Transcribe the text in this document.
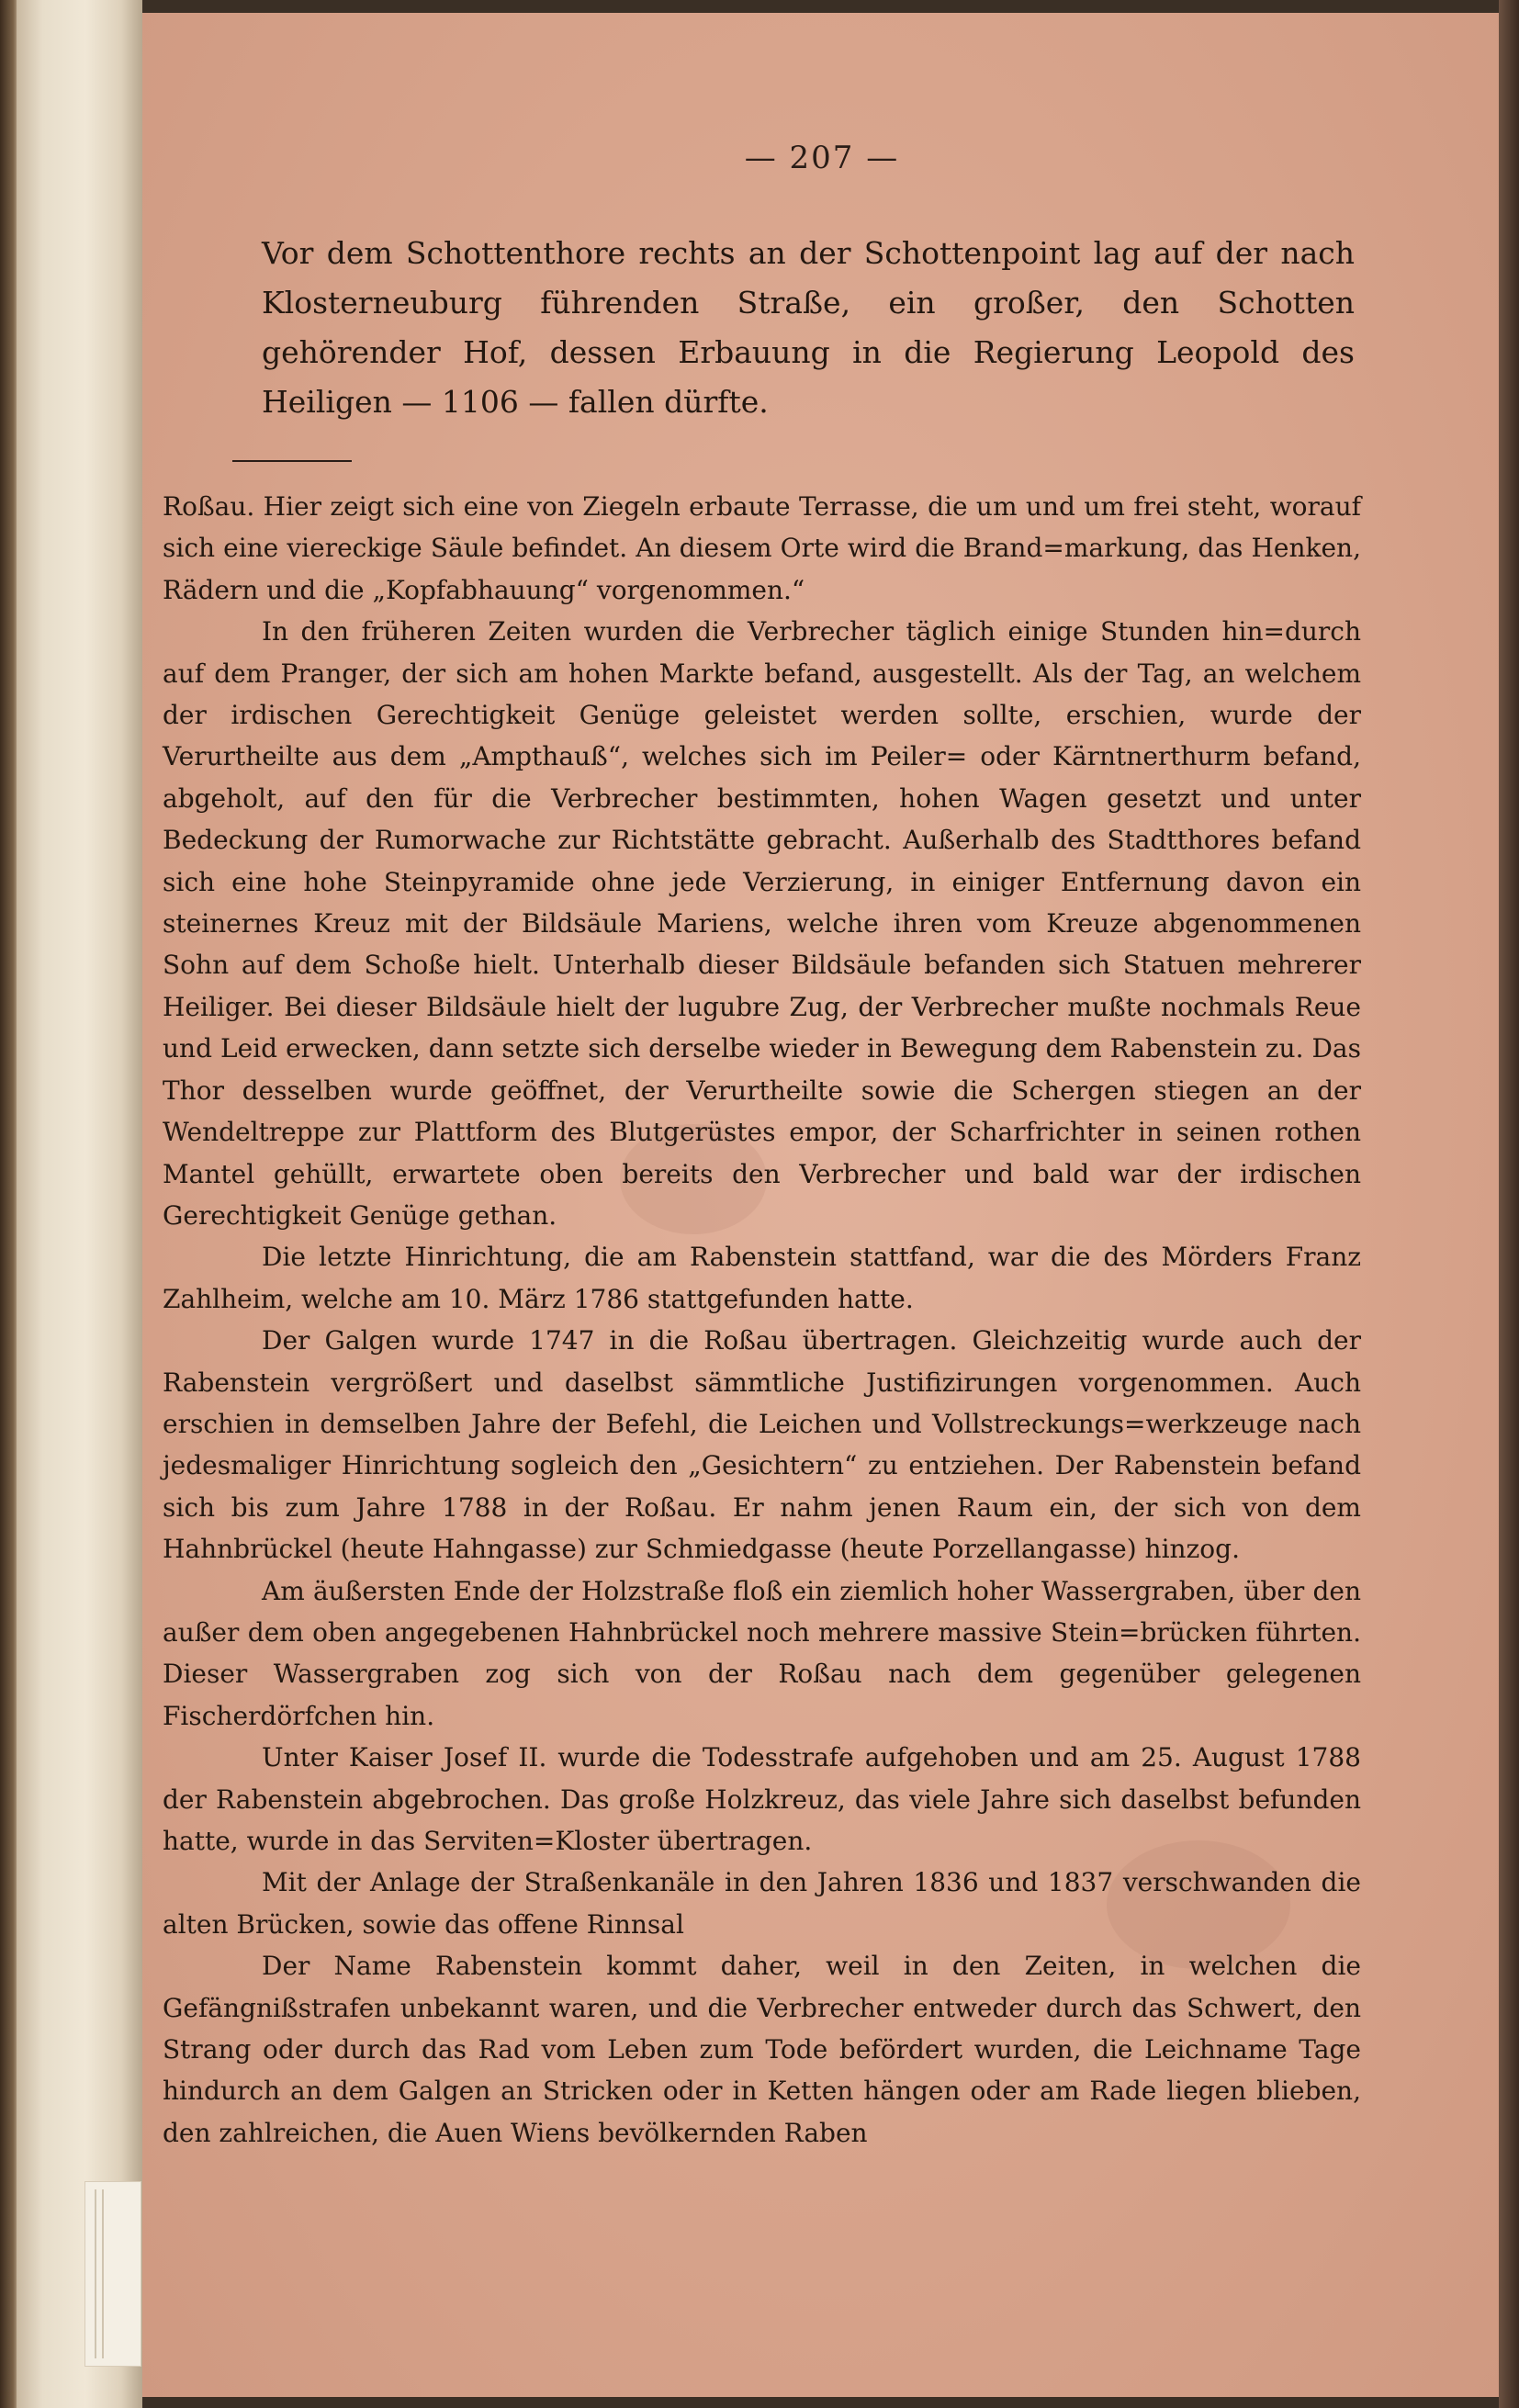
— 207 —
Vor dem Schottenthore rechts an der Schottenpoint lag auf der nach Klosterneuburg führenden Straße, ein großer, den Schotten gehörender Hof, dessen Erbauung in die Regierung Leopold des Heiligen — 1106 — fallen dürfte.

Roßau. Hier zeigt sich eine von Ziegeln erbaute Terrasse, die um und um frei steht, worauf sich eine viereckige Säule befindet. An diesem Orte wird die Brand=markung, das Henken, Rädern und die „Kopfabhauung“ vorgenommen.“

In den früheren Zeiten wurden die Verbrecher täglich einige Stunden hin=durch auf dem Pranger, der sich am hohen Markte befand, ausgestellt. Als der Tag, an welchem der irdischen Gerechtigkeit Genüge geleistet werden sollte, erschien, wurde der Verurtheilte aus dem „Ampthauß“, welches sich im Peiler= oder Kärntnerthurm befand, abgeholt, auf den für die Verbrecher bestimmten, hohen Wagen gesetzt und unter Bedeckung der Rumorwache zur Richtstätte gebracht. Außerhalb des Stadtthores befand sich eine hohe Steinpyramide ohne jede Verzierung, in einiger Entfernung davon ein steinernes Kreuz mit der Bildsäule Mariens, welche ihren vom Kreuze abgenommenen Sohn auf dem Schoße hielt. Unterhalb dieser Bildsäule befanden sich Statuen mehrerer Heiliger. Bei dieser Bildsäule hielt der lugubre Zug, der Verbrecher mußte nochmals Reue und Leid erwecken, dann setzte sich derselbe wieder in Bewegung dem Rabenstein zu. Das Thor desselben wurde geöffnet, der Verurtheilte sowie die Schergen stiegen an der Wendeltreppe zur Plattform des Blutgerüstes empor, der Scharfrichter in seinen rothen Mantel gehüllt, erwartete oben bereits den Verbrecher und bald war der irdischen Gerechtigkeit Genüge gethan.

Die letzte Hinrichtung, die am Rabenstein stattfand, war die des Mörders Franz Zahlheim, welche am 10. März 1786 stattgefunden hatte.

Der Galgen wurde 1747 in die Roßau übertragen. Gleichzeitig wurde auch der Rabenstein vergrößert und daselbst sämmtliche Justifizirungen vorgenommen. Auch erschien in demselben Jahre der Befehl, die Leichen und Vollstreckungs=werkzeuge nach jedesmaliger Hinrichtung sogleich den „Gesichtern“ zu entziehen. Der Rabenstein befand sich bis zum Jahre 1788 in der Roßau. Er nahm jenen Raum ein, der sich von dem Hahnbrückel (heute Hahngasse) zur Schmiedgasse (heute Porzellangasse) hinzog.

Am äußersten Ende der Holzstraße floß ein ziemlich hoher Wassergraben, über den außer dem oben angegebenen Hahnbrückel noch mehrere massive Stein=brücken führten. Dieser Wassergraben zog sich von der Roßau nach dem gegenüber gelegenen Fischerdörfchen hin.

Unter Kaiser Josef II. wurde die Todesstrafe aufgehoben und am 25. August 1788 der Rabenstein abgebrochen. Das große Holzkreuz, das viele Jahre sich daselbst befunden hatte, wurde in das Serviten=Kloster übertragen.

Mit der Anlage der Straßenkanäle in den Jahren 1836 und 1837 verschwanden die alten Brücken, sowie das offene Rinnsal

Der Name Rabenstein kommt daher, weil in den Zeiten, in welchen die Gefängnißstrafen unbekannt waren, und die Verbrecher entweder durch das Schwert, den Strang oder durch das Rad vom Leben zum Tode befördert wurden, die Leichname Tage hindurch an dem Galgen an Stricken oder in Ketten hängen oder am Rade liegen blieben, den zahlreichen, die Auen Wiens bevölkernden Raben
